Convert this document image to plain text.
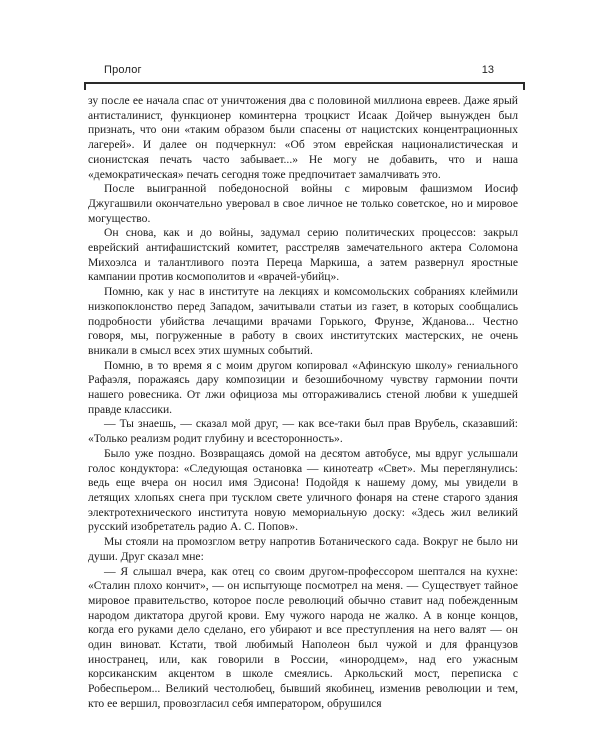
Пролог	13

зу после ее начала спас от уничтожения два с половиной миллиона евреев. Даже ярый антисталинист, функционер коминтерна троцкист Исаак Дойчер вынужден был признать, что они «таким образом были спасены от нацистских концентрационных лагерей». И далее он подчеркнул: «Об этом еврейская националистическая и сионистская печать часто забывает...» Не могу не добавить, что и наша «демократическая» печать сегодня тоже предпочитает замалчивать это.

После выигранной победоносной войны с мировым фашизмом Иосиф Джугашвили окончательно уверовал в свое личное не только советское, но и мировое могущество.

Он снова, как и до войны, задумал серию политических процессов: закрыл еврейский антифашистский комитет, расстреляв замечательного актера Соломона Михоэлса и талантливого поэта Переца Маркиша, а затем развернул яростные кампании против космополитов и «врачей-убийц».

Помню, как у нас в институте на лекциях и комсомольских собраниях клеймили низкопоклонство перед Западом, зачитывали статьи из газет, в которых сообщались подробности убийства лечащими врачами Горького, Фрунзе, Жданова... Честно говоря, мы, погруженные в работу в своих институтских мастерских, не очень вникали в смысл всех этих шумных событий.

Помню, в то время я с моим другом копировал «Афинскую школу» гениального Рафаэля, поражаясь дару композиции и безошибочному чувству гармонии почти нашего ровесника. От лжи официоза мы отгораживались стеной любви к ушедшей правде классики.

— Ты знаешь, — сказал мой друг, — как все-таки был прав Врубель, сказавший: «Только реализм родит глубину и всесторонность».

Было уже поздно. Возвращаясь домой на десятом автобусе, мы вдруг услышали голос кондуктора: «Следующая остановка — кинотеатр «Свет». Мы переглянулись: ведь еще вчера он носил имя Эдисона! Подойдя к нашему дому, мы увидели в летящих хлопьях снега при тусклом свете уличного фонаря на стене старого здания электротехнического института новую мемориальную доску: «Здесь жил великий русский изобретатель радио А. С. Попов».

Мы стояли на промозглом ветру напротив Ботанического сада. Вокруг не было ни души. Друг сказал мне:

— Я слышал вчера, как отец со своим другом-профессором шептался на кухне: «Сталин плохо кончит», — он испытующе посмотрел на меня. — Существует тайное мировое правительство, которое после революций обычно ставит над побежденным народом диктатора другой крови. Ему чужого народа не жалко. А в конце концов, когда его руками дело сделано, его убирают и все преступления на него валят — он один виноват. Кстати, твой любимый Наполеон был чужой и для французов иностранец, или, как говорили в России, «инородцем», над его ужасным корсиканским акцентом в школе смеялись. Аркольский мост, переписка с Робеспьером... Великий честолюбец, бывший якобинец, изменив революции и тем, кто ее вершил, провозгласил себя императором, обрушился
